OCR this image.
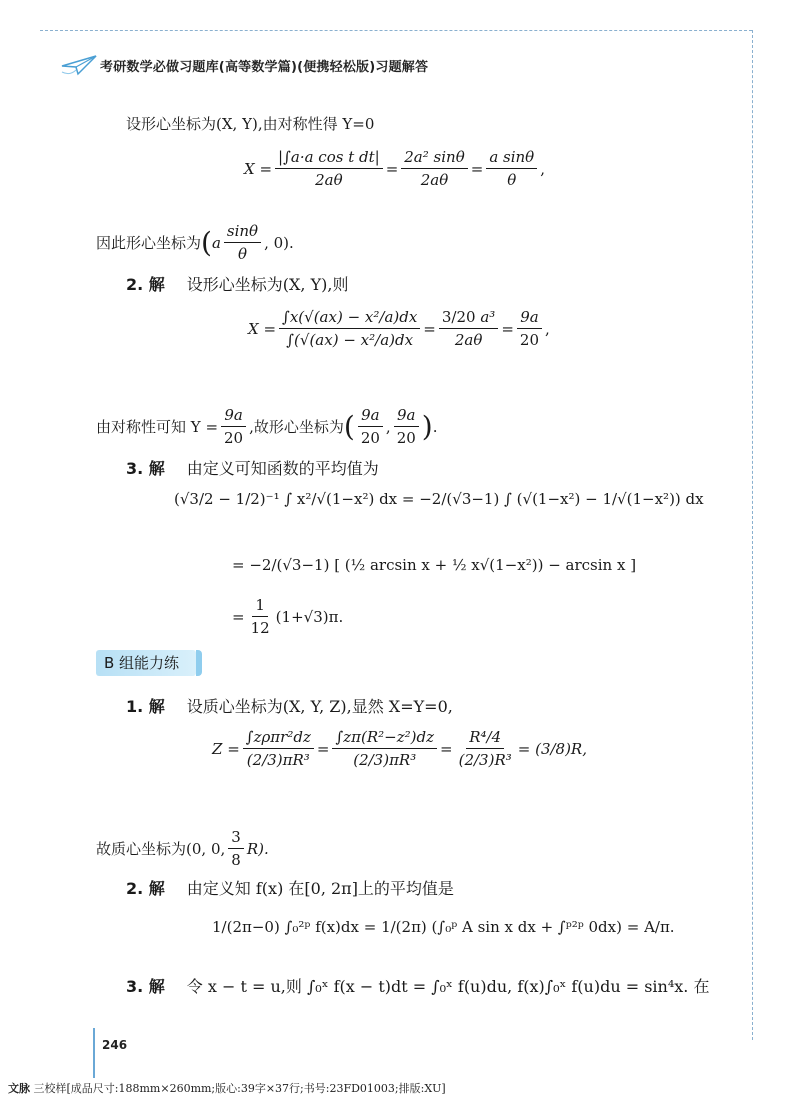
考研数学必做习题库(高等数学篇)(便携轻松版)习题解答

设形心坐标为(X, Y),由对称性得 Y=0

$X = \frac{\text{|∫a·a cos t dt|}}{2a\theta} = \frac{\text{2a² sinθ}}{2a\theta} = \frac{\text{a sinθ}}{\theta}$ ,
因此形心坐标为 ( a $\frac{\sin\theta}{\theta}$ , 0).
2. 解 设形心坐标为(X, Y),则
$X = \frac{\text{∫x(√(ax) − x²/a)dx}}{\text{∫(√(ax) − x²/a)dx}} = \frac{\text{3/20 a³}}{2a\theta} = \frac{9a}{20}$ ,
由对称性可知 $Y = \frac{9a}{20}$ ,故形心坐标为 ( $\frac{9a}{20}$ , $\frac{9a}{20}$ ) .
3. 解 由定义可知函数的平均值为
(√3/2 − 1/2)⁻¹ ∫ x²/√(1−x²) dx = −2/(√3−1) ∫ (√(1−x²) − 1/√(1−x²)) dx
= −2/(√3−1) [ (½ arcsin x + ½ x√(1−x²)) − arcsin x ]
= $\frac{1}{12} (1+√3)\pi$.
B 组能力练
1. 解 设质心坐标为(X, Y, Z),显然 X=Y=0,
$Z = \frac{\text{∫zρπr²dz}}{\text{(2/3)πR³}} = \frac{\text{∫zπ(R²−z²)dz}}{\text{(2/3)πR³}} = \frac{\text{R⁴/4}}{\text{(2/3)R³}} = (3/8)R$,
故质心坐标为 (0, 0, $\frac{3}{8} R$).
2. 解 由定义知 f(x) 在[0, 2π]上的平均值是
1/(2π−0) ∫₀²ᵖ f(x)dx = 1/(2π) (∫₀ᵖ A sin x dx + ∫ᵖ²ᵖ 0dx) = A/π.
3. 解 令 x − t = u,则 ∫₀ˣ f(x − t)dt = ∫₀ˣ f(u)du, f(x)∫₀ˣ f(u)du = sin⁴x. 在
246
文脉 三校样[成品尺寸:188mm×260mm;版心:39字×37行;书号:23FD01003;排版:XU]
